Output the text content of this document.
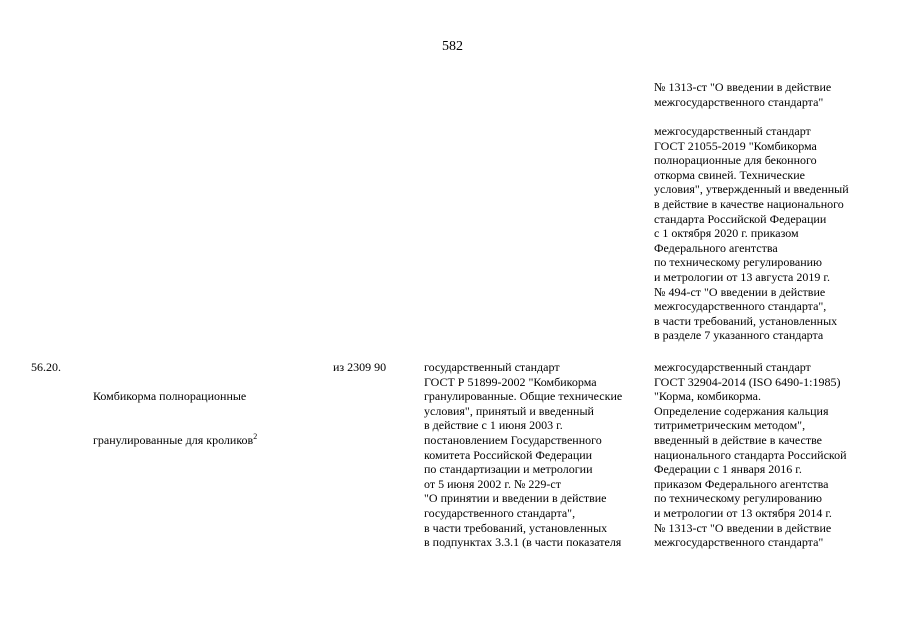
582
№ 1313-ст "О введении в действие
межгосударственного стандарта"
межгосударственный стандарт
ГОСТ 21055-2019 "Комбикорма
полнорационные для беконного
откорма свиней. Технические
условия", утвержденный и введенный
в действие в качестве национального
стандарта Российской Федерации
с 1 октября 2020 г. приказом
Федерального агентства
по техническому регулированию
и метрологии от 13 августа 2019 г.
№ 494-ст "О введении в действие
межгосударственного стандарта",
в части требований, установленных
в разделе 7 указанного стандарта
56.20.

Комбикорма полнорационные

гранулированные для кроликов$^2$

из 2309 90	государственный стандарт
ГОСТ Р 51899-2002 "Комбикорма
гранулированные. Общие технические
условия", принятый и введенный
в действие с 1 июня 2003 г.
постановлением Государственного
комитета Российской Федерации
по стандартизации и метрологии
от 5 июня 2002 г. № 229-ст
"О принятии и введении в действие
государственного стандарта",
в части требований, установленных
в подпунктах 3.3.1 (в части показателя
межгосударственный стандарт
ГОСТ 32904-2014 (ISO 6490-1:1985)
"Корма, комбикорма.
Определение содержания кальция
титриметрическим методом",
введенный в действие в качестве
национального стандарта Российской
Федерации с 1 января 2016 г.
приказом Федерального агентства
по техническому регулированию
и метрологии от 13 октября 2014 г.
№ 1313-ст "О введении в действие
межгосударственного стандарта"
